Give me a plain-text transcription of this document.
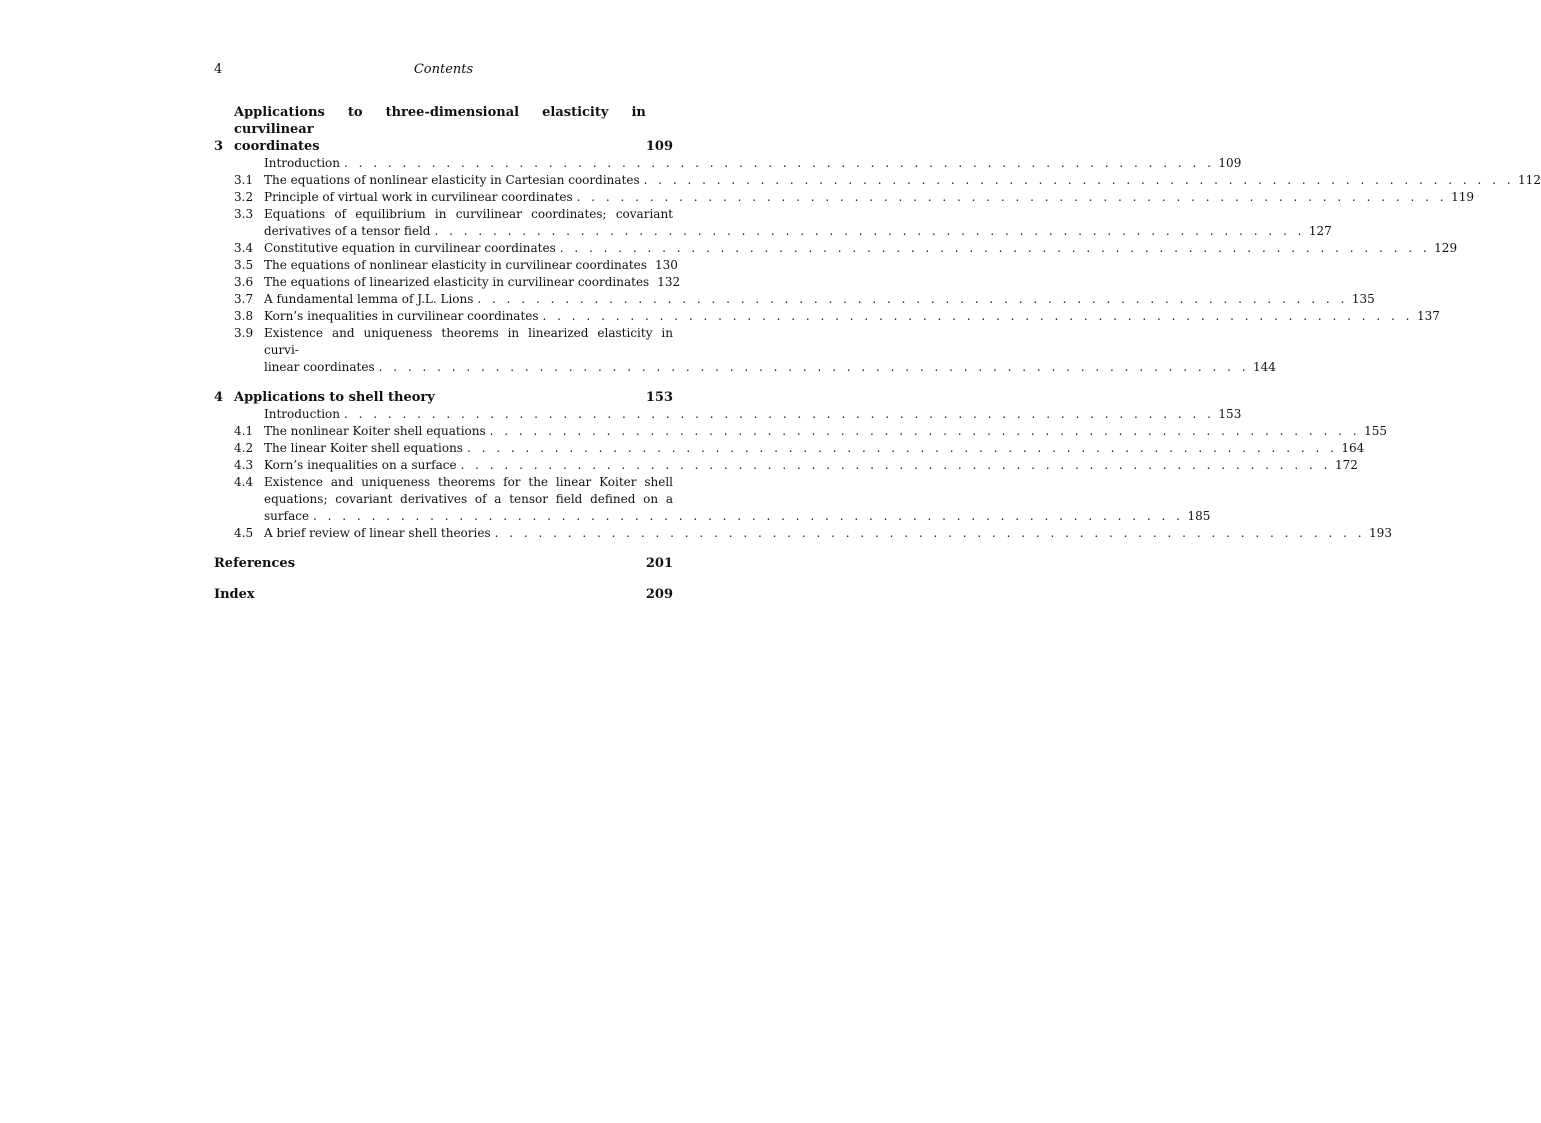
4	Contents
3
Applications to three-dimensional elasticity in curvilinear
coordinates	109
Introduction . . . . . . . . . . . . . . . . . . . . . . . . . . . . . . . . . . . . . . . . . . . . . . . . . . . . . . . . . . . . 109
3.1 The equations of nonlinear elasticity in Cartesian coordinates . . . . . . . . . . . . . . . . . . . . . . . . . . . . . . . . . . . . . . . . . . . . . . . . . . . . . . . . . . . . 112
3.2 Principle of virtual work in curvilinear coordinates . . . . . . . . . . . . . . . . . . . . . . . . . . . . . . . . . . . . . . . . . . . . . . . . . . . . . . . . . . . . 119
3.3 Equations of equilibrium in curvilinear coordinates; covariant
derivatives of a tensor field . . . . . . . . . . . . . . . . . . . . . . . . . . . . . . . . . . . . . . . . . . . . . . . . . . . . . . . . . . . . 127
3.4 Constitutive equation in curvilinear coordinates . . . . . . . . . . . . . . . . . . . . . . . . . . . . . . . . . . . . . . . . . . . . . . . . . . . . . . . . . . . . 129
3.5 The equations of nonlinear elasticity in curvilinear coordinates 130
3.6 The equations of linearized elasticity in curvilinear coordinates 132
3.7 A fundamental lemma of J.L. Lions . . . . . . . . . . . . . . . . . . . . . . . . . . . . . . . . . . . . . . . . . . . . . . . . . . . . . . . . . . . . 135
3.8 Korn’s inequalities in curvilinear coordinates . . . . . . . . . . . . . . . . . . . . . . . . . . . . . . . . . . . . . . . . . . . . . . . . . . . . . . . . . . . . 137
3.9 Existence and uniqueness theorems in linearized elasticity in curvi-
linear coordinates . . . . . . . . . . . . . . . . . . . . . . . . . . . . . . . . . . . . . . . . . . . . . . . . . . . . . . . . . . . . 144
4 Applications to shell theory	153
Introduction . . . . . . . . . . . . . . . . . . . . . . . . . . . . . . . . . . . . . . . . . . . . . . . . . . . . . . . . . . . . 153
4.1 The nonlinear Koiter shell equations . . . . . . . . . . . . . . . . . . . . . . . . . . . . . . . . . . . . . . . . . . . . . . . . . . . . . . . . . . . . 155
4.2 The linear Koiter shell equations . . . . . . . . . . . . . . . . . . . . . . . . . . . . . . . . . . . . . . . . . . . . . . . . . . . . . . . . . . . . 164
4.3 Korn’s inequalities on a surface . . . . . . . . . . . . . . . . . . . . . . . . . . . . . . . . . . . . . . . . . . . . . . . . . . . . . . . . . . . . 172
4.4 Existence and uniqueness theorems for the linear Koiter shell
equations; covariant derivatives of a tensor field defined on a
surface . . . . . . . . . . . . . . . . . . . . . . . . . . . . . . . . . . . . . . . . . . . . . . . . . . . . . . . . . . . . 185
4.5 A brief review of linear shell theories . . . . . . . . . . . . . . . . . . . . . . . . . . . . . . . . . . . . . . . . . . . . . . . . . . . . . . . . . . . . 193
References	201
Index	209
